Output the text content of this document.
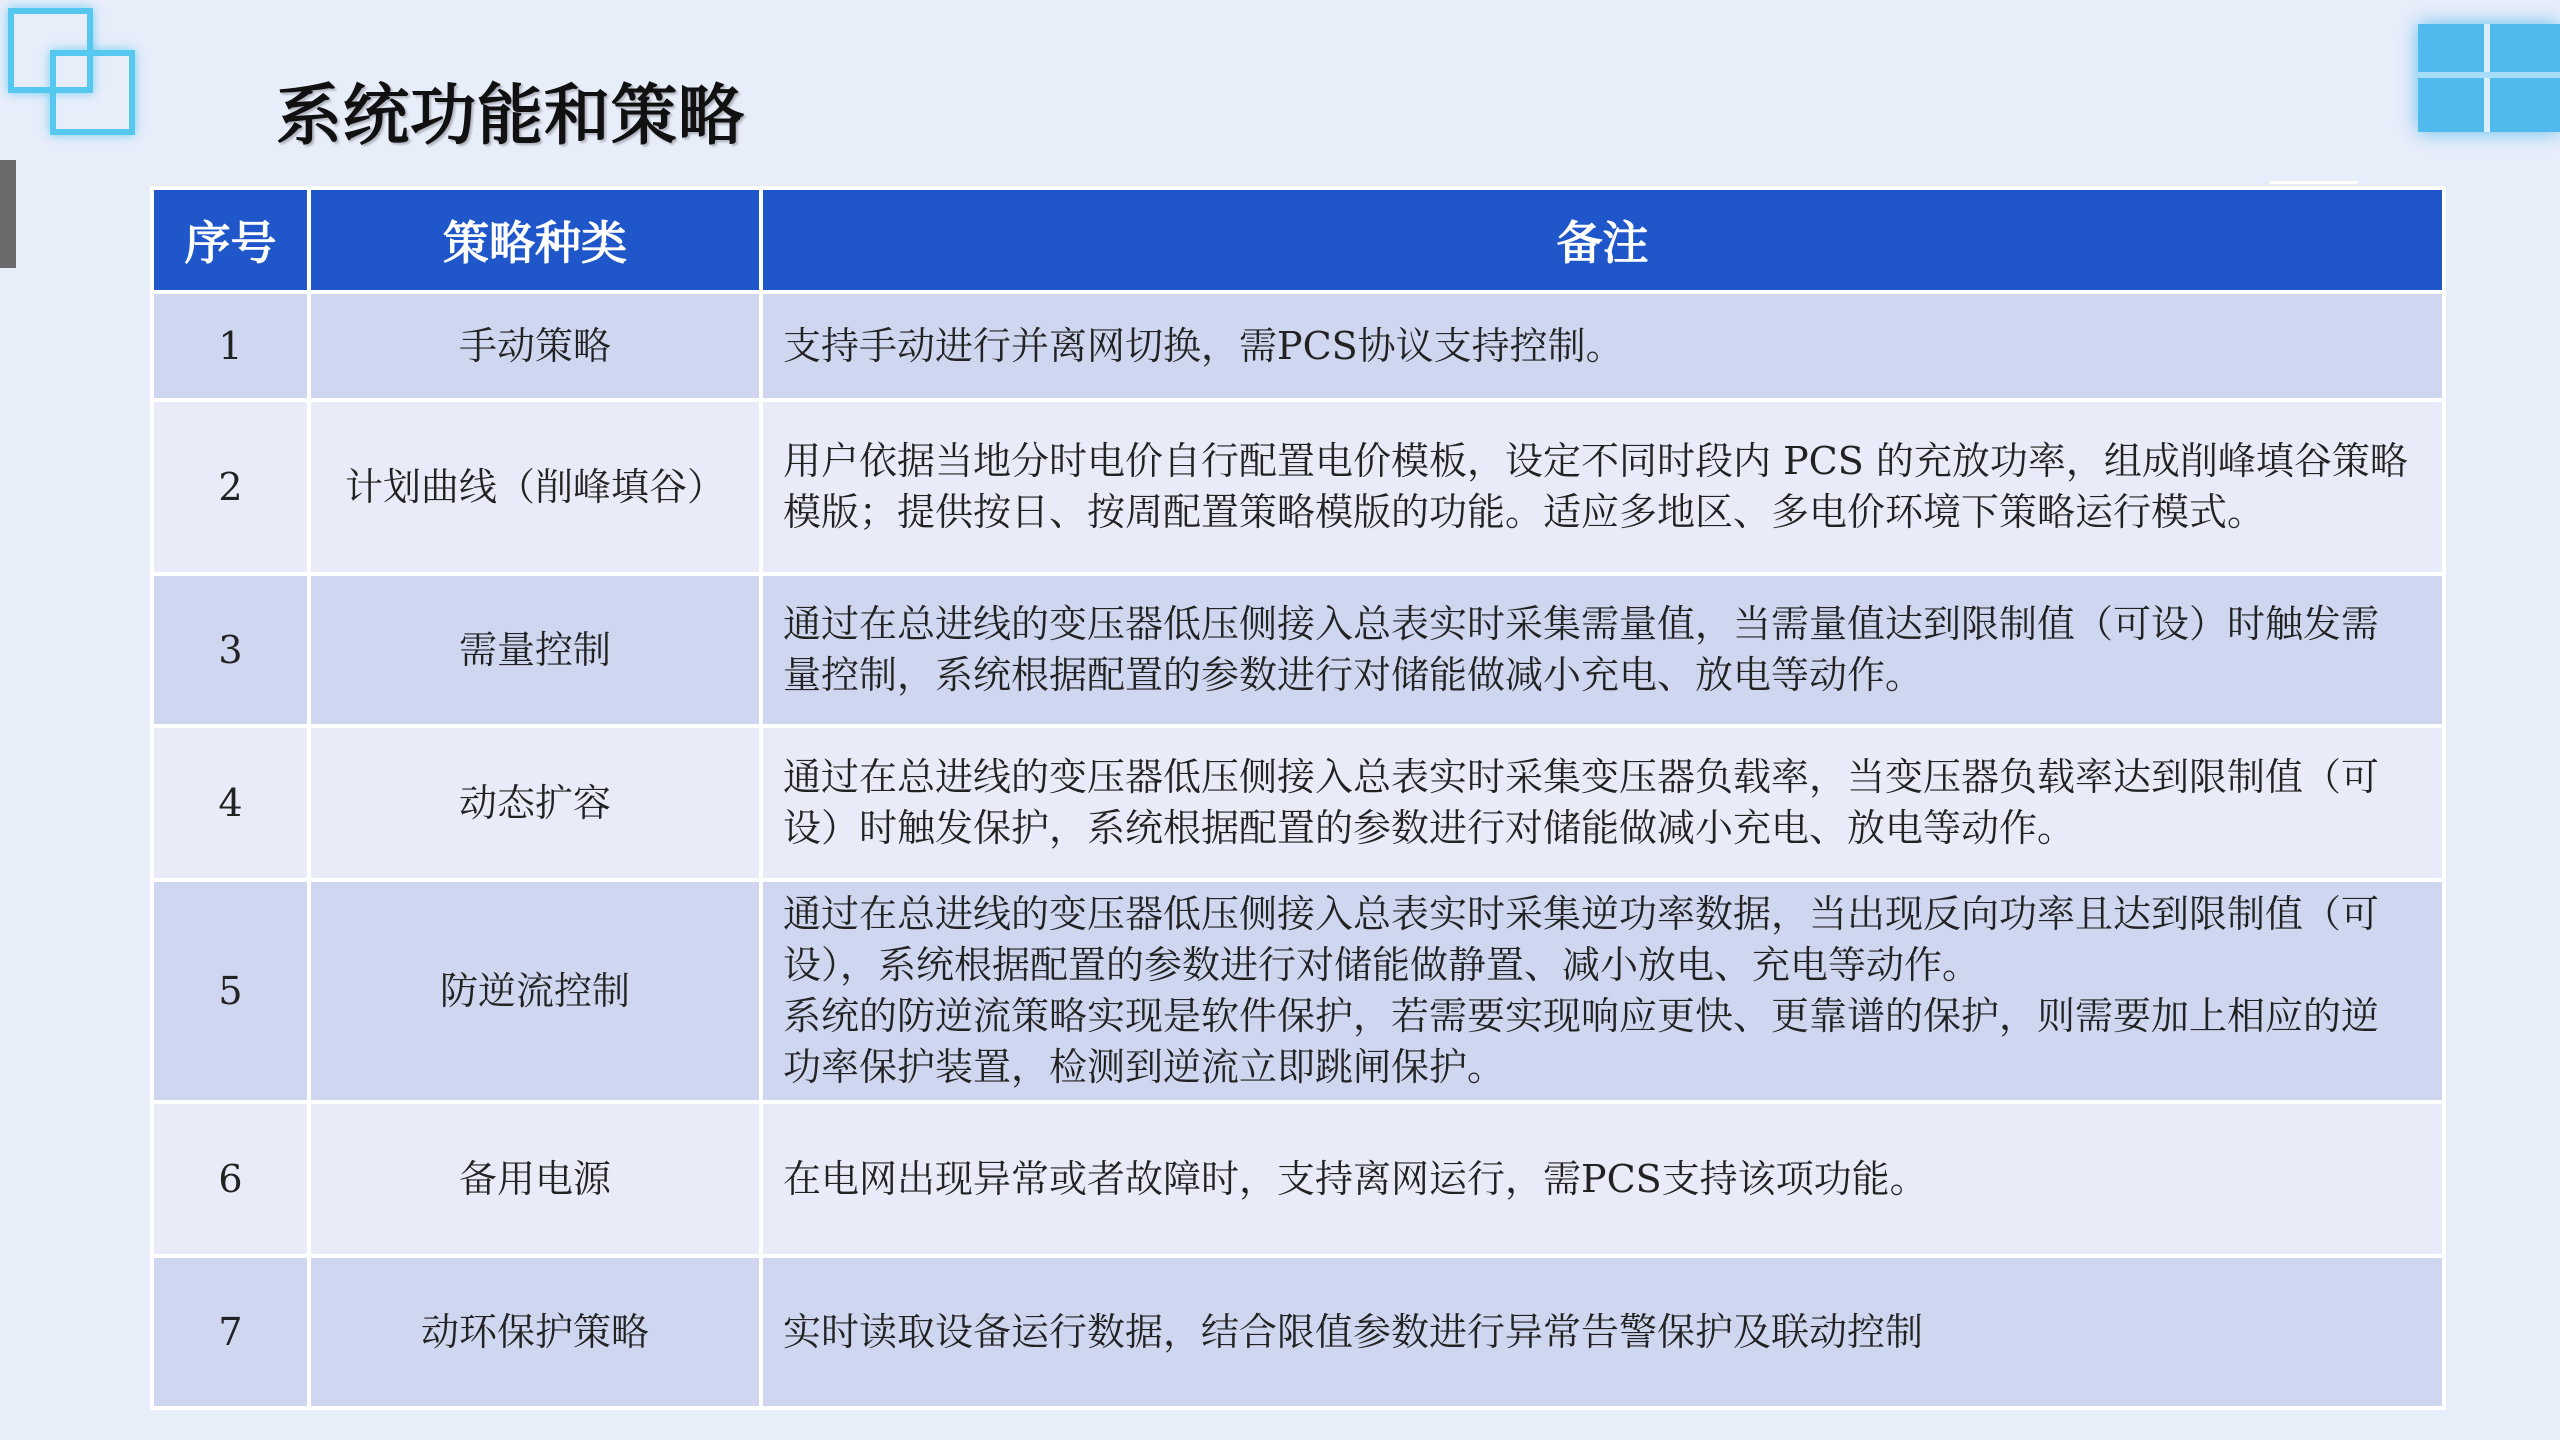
系统功能和策略
序号	策略种类	备注
1	手动策略	支持手动进行并离网切换，需PCS协议支持控制。
2	计划曲线（削峰填谷）	用户依据当地分时电价自行配置电价模板，设定不同时段内 PCS 的充放功率，组成削峰填谷策略模版；提供按日、按周配置策略模版的功能。适应多地区、多电价环境下策略运行模式。
3	需量控制	通过在总进线的变压器低压侧接入总表实时采集需量值，当需量值达到限制值（可设）时触发需量控制，系统根据配置的参数进行对储能做减小充电、放电等动作。
4	动态扩容	通过在总进线的变压器低压侧接入总表实时采集变压器负载率，当变压器负载率达到限制值（可设）时触发保护，系统根据配置的参数进行对储能做减小充电、放电等动作。
5	防逆流控制	通过在总进线的变压器低压侧接入总表实时采集逆功率数据，当出现反向功率且达到限制值（可设），系统根据配置的参数进行对储能做静置、减小放电、充电等动作。
系统的防逆流策略实现是软件保护，若需要实现响应更快、更靠谱的保护，则需要加上相应的逆功率保护装置，检测到逆流立即跳闸保护。
6	备用电源	在电网出现异常或者故障时，支持离网运行，需PCS支持该项功能。
7	动环保护策略	实时读取设备运行数据，结合限值参数进行异常告警保护及联动控制
